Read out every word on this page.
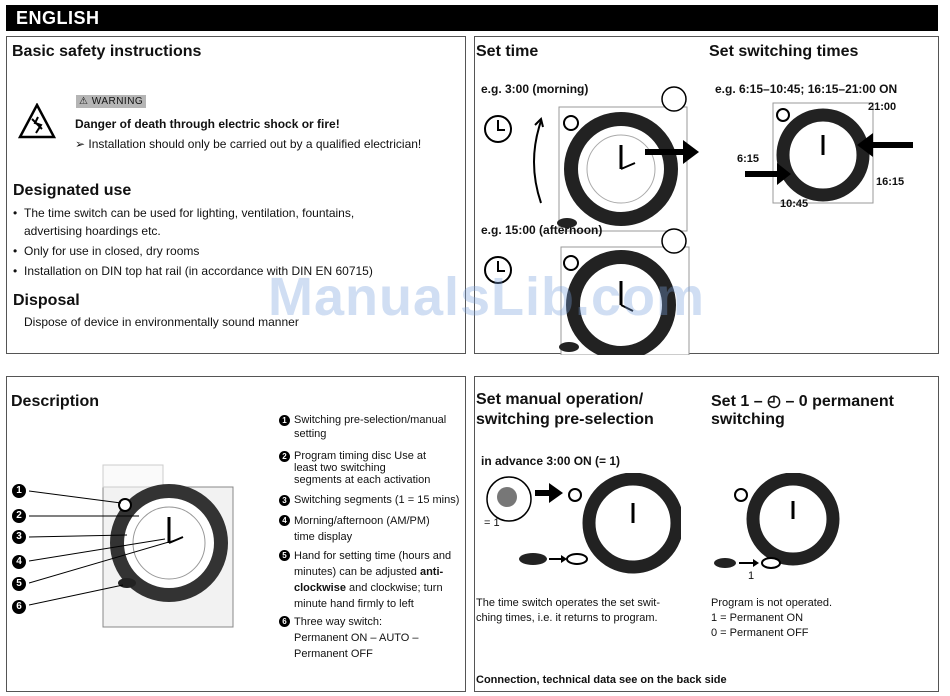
ENGLISH
Basic safety instructions
⚠ WARNING
Danger of death through electric shock or fire!
➢ Installation should only be carried out by a qualified electrician!
Designated use
• The time switch can be used for lighting, ventilation, fountains,
advertising hoardings etc.
• Only for use in closed, dry rooms
• Installation on DIN top hat rail (in accordance with DIN EN 60715)
Disposal
Dispose of device in environmentally sound manner
Set time
e.g. 3:00 (morning)
e.g. 15:00 (afternoon)
Set switching times
e.g. 6:15–10:45; 16:15–21:00 ON
21:00
6:15
16:15
10:45
Description
1
2
3
4
5
6
1 Switching pre-selection/manual setting
2 Program timing disc Use at least two switching segments at each activation
3 Switching segments (1 = 15 mins)
4 Morning/afternoon (AM/PM) time display
5 Hand for setting time (hours and minutes) can be adjusted anti-clockwise and clockwise; turn minute hand firmly to left
6 Three way switch: Permanent ON – AUTO – Permanent OFF
Set manual operation/
switching pre-selection
in advance 3:00 ON (= 1)
= 1
The time switch operates the set swit-
ching times, i.e. it returns to program.
Set 1 – ◴ – 0 permanent
switching
1
Program is not operated.
1 = Permanent ON
0 = Permanent OFF
Connection, technical data see on the back side
ManualsLib.com
